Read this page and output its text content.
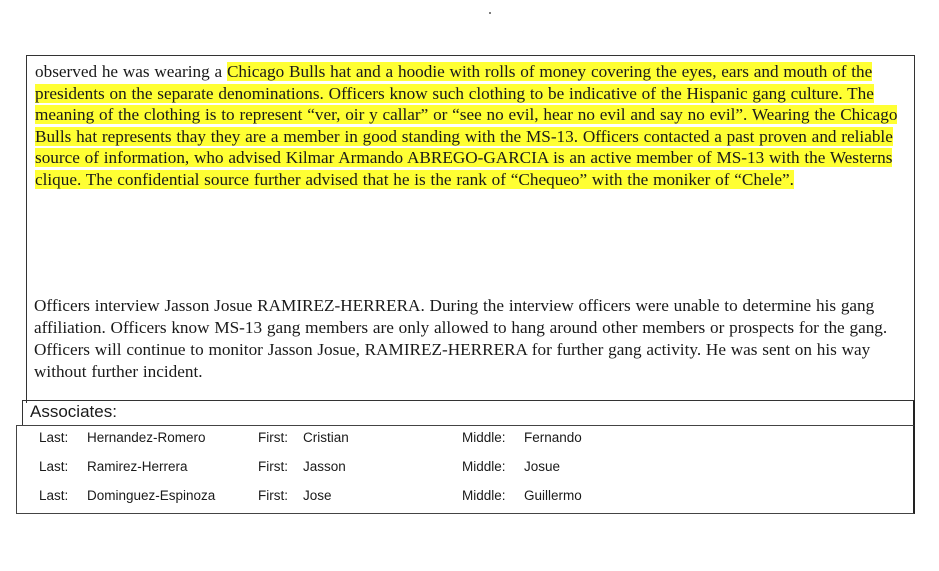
observed he was wearing a Chicago Bulls hat and a hoodie with rolls of money covering the eyes, ears and mouth of the presidents on the separate denominations. Officers know such clothing to be indicative of the Hispanic gang culture. The meaning of the clothing is to represent “ver, oir y callar” or “see no evil, hear no evil and say no evil”. Wearing the Chicago Bulls hat represents thay they are a member in good standing with the MS-13. Officers contacted a past proven and reliable source of information, who advised Kilmar Armando ABREGO-GARCIA is an active member of MS-13 with the Westerns clique. The confidential source further advised that he is the rank of “Chequeo” with the moniker of “Chele”.
Officers interview Jasson Josue RAMIREZ-HERRERA. During the interview officers were unable to determine his gang affiliation. Officers know MS-13 gang members are only allowed to hang around other members or prospects for the gang. Officers will continue to monitor Jasson Josue, RAMIREZ-HERRERA for further gang activity. He was sent on his way without further incident.
Associates:
Last: Hernandez-Romero	First: Cristian	Middle: Fernando
Last: Ramirez-Herrera	First: Jasson	Middle: Josue
Last: Dominguez-Espinoza	First: Jose	Middle: Guillermo
